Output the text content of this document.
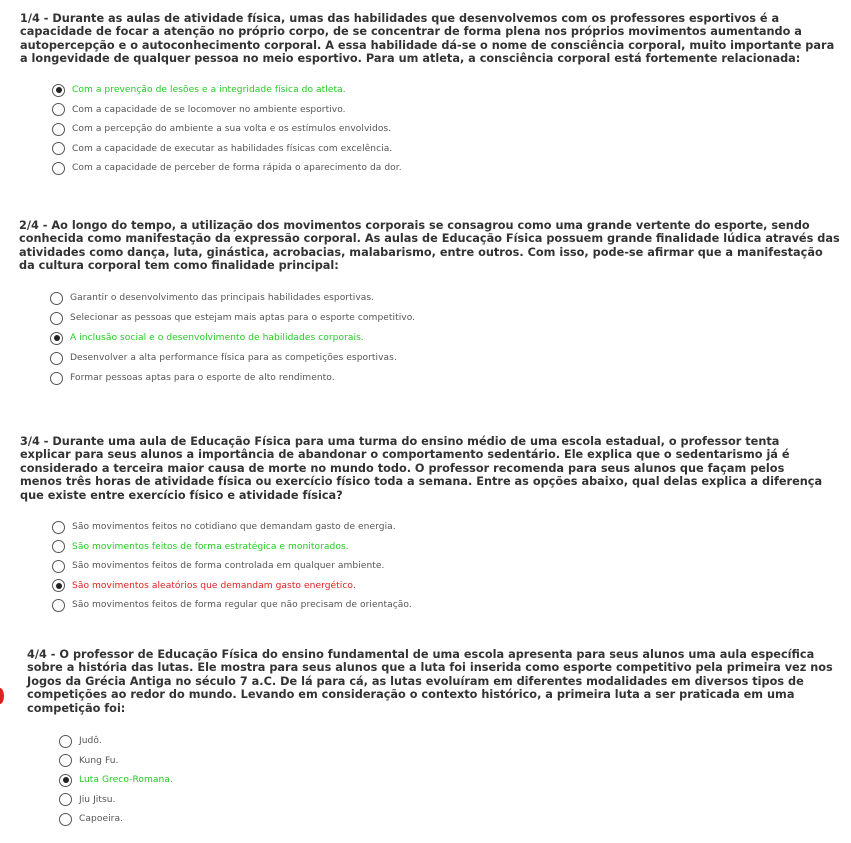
1/4 - Durante as aulas de atividade física, umas das habilidades que desenvolvemos com os professores esportivos é a capacidade de focar a atenção no próprio corpo, de se concentrar de forma plena nos próprios movimentos aumentando a autopercepção e o autoconhecimento corporal. A essa habilidade dá-se o nome de consciência corporal, muito importante para a longevidade de qualquer pessoa no meio esportivo. Para um atleta, a consciência corporal está fortemente relacionada:

Com a prevenção de lesões e a integridade física do atleta.
Com a capacidade de se locomover no ambiente esportivo.
Com a percepção do ambiente a sua volta e os estímulos envolvidos.
Com a capacidade de executar as habilidades físicas com excelência.
Com a capacidade de perceber de forma rápida o aparecimento da dor.

2/4 - Ao longo do tempo, a utilização dos movimentos corporais se consagrou como uma grande vertente do esporte, sendo conhecida como manifestação da expressão corporal. As aulas de Educação Física possuem grande finalidade lúdica através das atividades como dança, luta, ginástica, acrobacias, malabarismo, entre outros. Com isso, pode-se afirmar que a manifestação da cultura corporal tem como finalidade principal:

Garantir o desenvolvimento das principais habilidades esportivas.
Selecionar as pessoas que estejam mais aptas para o esporte competitivo.
A inclusão social e o desenvolvimento de habilidades corporais.
Desenvolver a alta performance física para as competições esportivas.
Formar pessoas aptas para o esporte de alto rendimento.

3/4 - Durante uma aula de Educação Física para uma turma do ensino médio de uma escola estadual, o professor tenta explicar para seus alunos a importância de abandonar o comportamento sedentário. Ele explica que o sedentarismo já é considerado a terceira maior causa de morte no mundo todo. O professor recomenda para seus alunos que façam pelos menos três horas de atividade física ou exercício físico toda a semana. Entre as opções abaixo, qual delas explica a diferença que existe entre exercício físico e atividade física?

São movimentos feitos no cotidiano que demandam gasto de energia.
São movimentos feitos de forma estratégica e monitorados.
São movimentos feitos de forma controlada em qualquer ambiente.
São movimentos aleatórios que demandam gasto energético.
São movimentos feitos de forma regular que não precisam de orientação.

4/4 - O professor de Educação Física do ensino fundamental de uma escola apresenta para seus alunos uma aula específica sobre a história das lutas. Ele mostra para seus alunos que a luta foi inserida como esporte competitivo pela primeira vez nos Jogos da Grécia Antiga no século 7 a.C. De lá para cá, as lutas evoluíram em diferentes modalidades em diversos tipos de competições ao redor do mundo. Levando em consideração o contexto histórico, a primeira luta a ser praticada em uma competição foi:

Judô.
Kung Fu.
Luta Greco-Romana.
Jiu Jitsu.
Capoeira.
